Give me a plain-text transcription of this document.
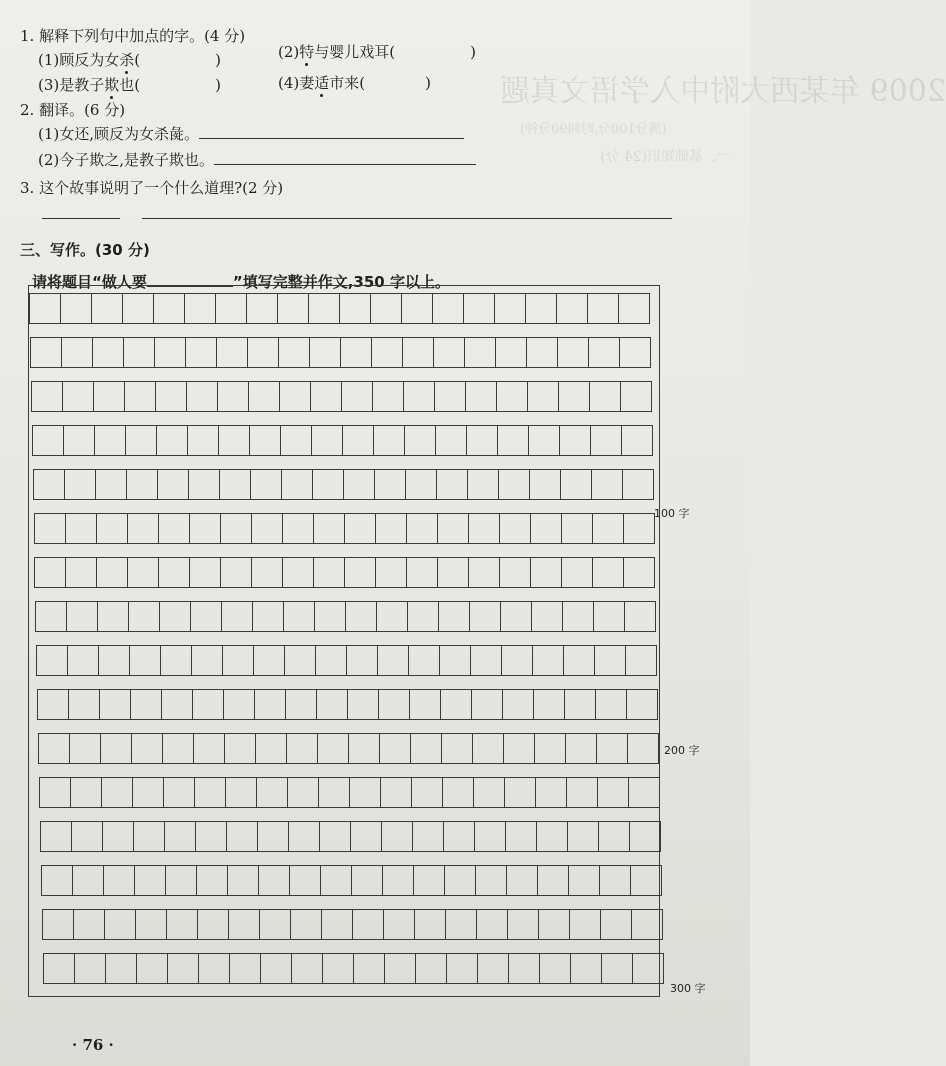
2009 年某西大附中入学语文真题
(满分100分,时间90分钟)
一、基础知识(24 分)
1. 解释下列句中加点的字。(4 分)
(1)顾反为女杀(　　　　　)	(2)特与婴儿戏耳(　　　　　)
(3)是教子欺也(　　　　　)	(4)妻适市来(　　　　)
2. 翻译。(6 分)
(1)女还,顾反为女杀彘。
(2)今子欺之,是教子欺也。
3. 这个故事说明了一个什么道理?(2 分)
三、写作。(30 分)
请将题目“做人要	”填写完整并作文,350 字以上。
100 字
200 字
300 字
· 76 ·
